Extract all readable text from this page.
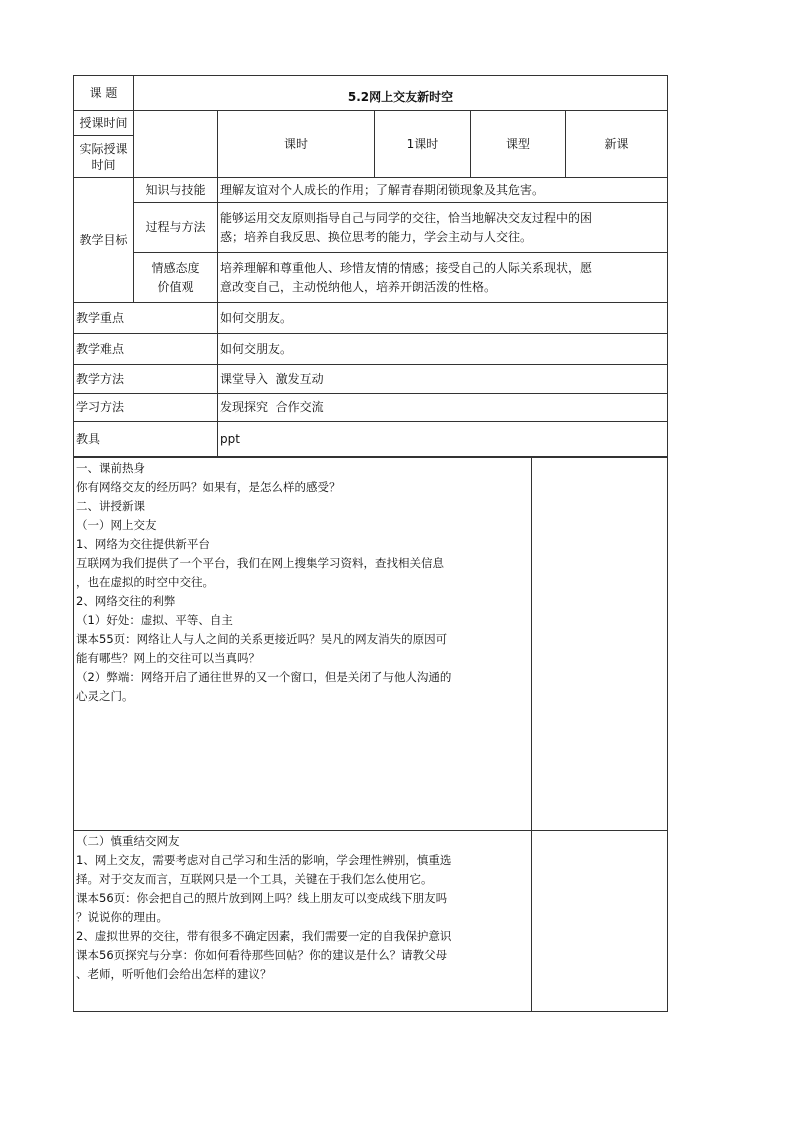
课 题	5.2网上交友新时空				
授课时间		课时	1课时	课型	新课
实际授课时间					
教学目标	知识与技能	理解友谊对个人成长的作用；了解青春期闭锁现象及其危害。			

	过程与方法	能够运用交友原则指导自己与同学的交往，恰当地解决交友过程中的困
惑；培养自我反思、换位思考的能力，学会主动与人交往。			

	情感态度价值观	培养理解和尊重他人、珍惜友情的情感；接受自己的人际关系现状，愿
意改变自己，主动悦纳他人，培养开朗活泼的性格。			

教学重点		如何交朋友。			
教学难点		如何交朋友。			
教学方法		课堂导入  激发互动			
学习方法		发现探究  合作交流			
教具		ppt			
一、课前热身
你有网络交友的经历吗？如果有，是怎么样的感受？
二、讲授新课
（一）网上交友
1、网络为交往提供新平台
互联网为我们提供了一个平台，我们在网上搜集学习资料，查找相关信息
，也在虚拟的时空中交往。
2、网络交往的利弊
（1）好处：虚拟、平等、自主
课本55页：网络让人与人之间的关系更接近吗？吴凡的网友消失的原因可
能有哪些？网上的交往可以当真吗？
（2）弊端：网络开启了通往世界的又一个窗口，但是关闭了与他人沟通的
心灵之门。

（二）慎重结交网友
1、网上交友，需要考虑对自己学习和生活的影响，学会理性辨别，慎重选
择。对于交友而言，互联网只是一个工具，关键在于我们怎么使用它。
课本56页：你会把自己的照片放到网上吗？线上朋友可以变成线下朋友吗
？说说你的理由。
2、虚拟世界的交往，带有很多不确定因素，我们需要一定的自我保护意识
课本56页探究与分享：你如何看待那些回帖？你的建议是什么？请教父母
、老师，听听他们会给出怎样的建议？
